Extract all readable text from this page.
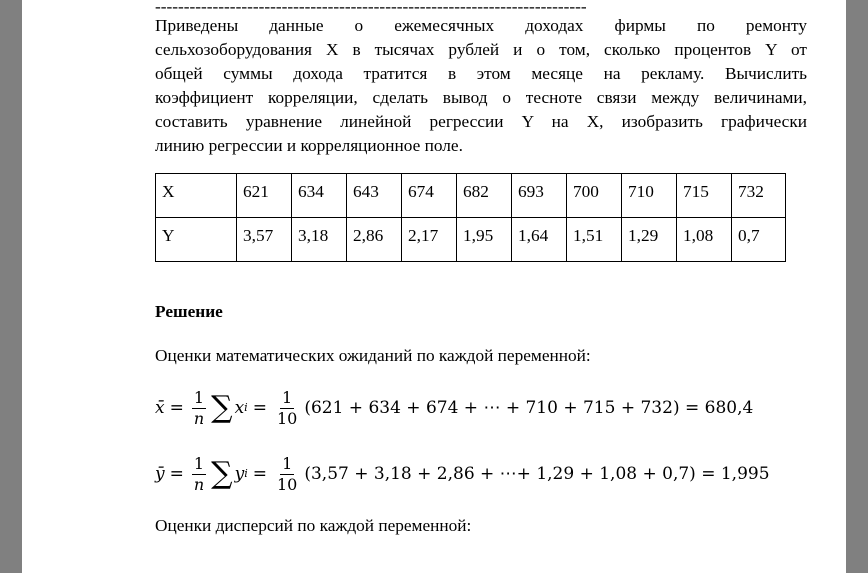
---------------------------------------------------------------------------
Приведены данные о ежемесячных доходах фирмы по ремонту
сельхозоборудования X в тысячах рублей и о том, сколько процентов Y от
общей суммы дохода тратится в этом месяце на рекламу. Вычислить
коэффициент корреляции, сделать вывод о тесноте связи между величинами,
составить уравнение линейной регрессии Y на X, изобразить графически
линию регрессии и корреляционное поле.
X	621	634	643	674	682	693	700	710	715	732
Y	3,57	3,18	2,86	2,17	1,95	1,64	1,51	1,29	1,08	0,7
Решение
Оценки математических ожиданий по каждой переменной:
x̄ = $\frac{1}{n}$ ∑ x $i = \frac{1}{10} (621 + 634 + 674$ + ⋯ + 710 + 715 + 732) = 680,4
ȳ = $\frac{1}{n}$ ∑ y $i = \frac{1}{10} (3,57 + 3,18 + 2,86$ + ⋯+ 1,29 + 1,08 + 0,7) = 1,995
Оценки дисперсий по каждой переменной:
